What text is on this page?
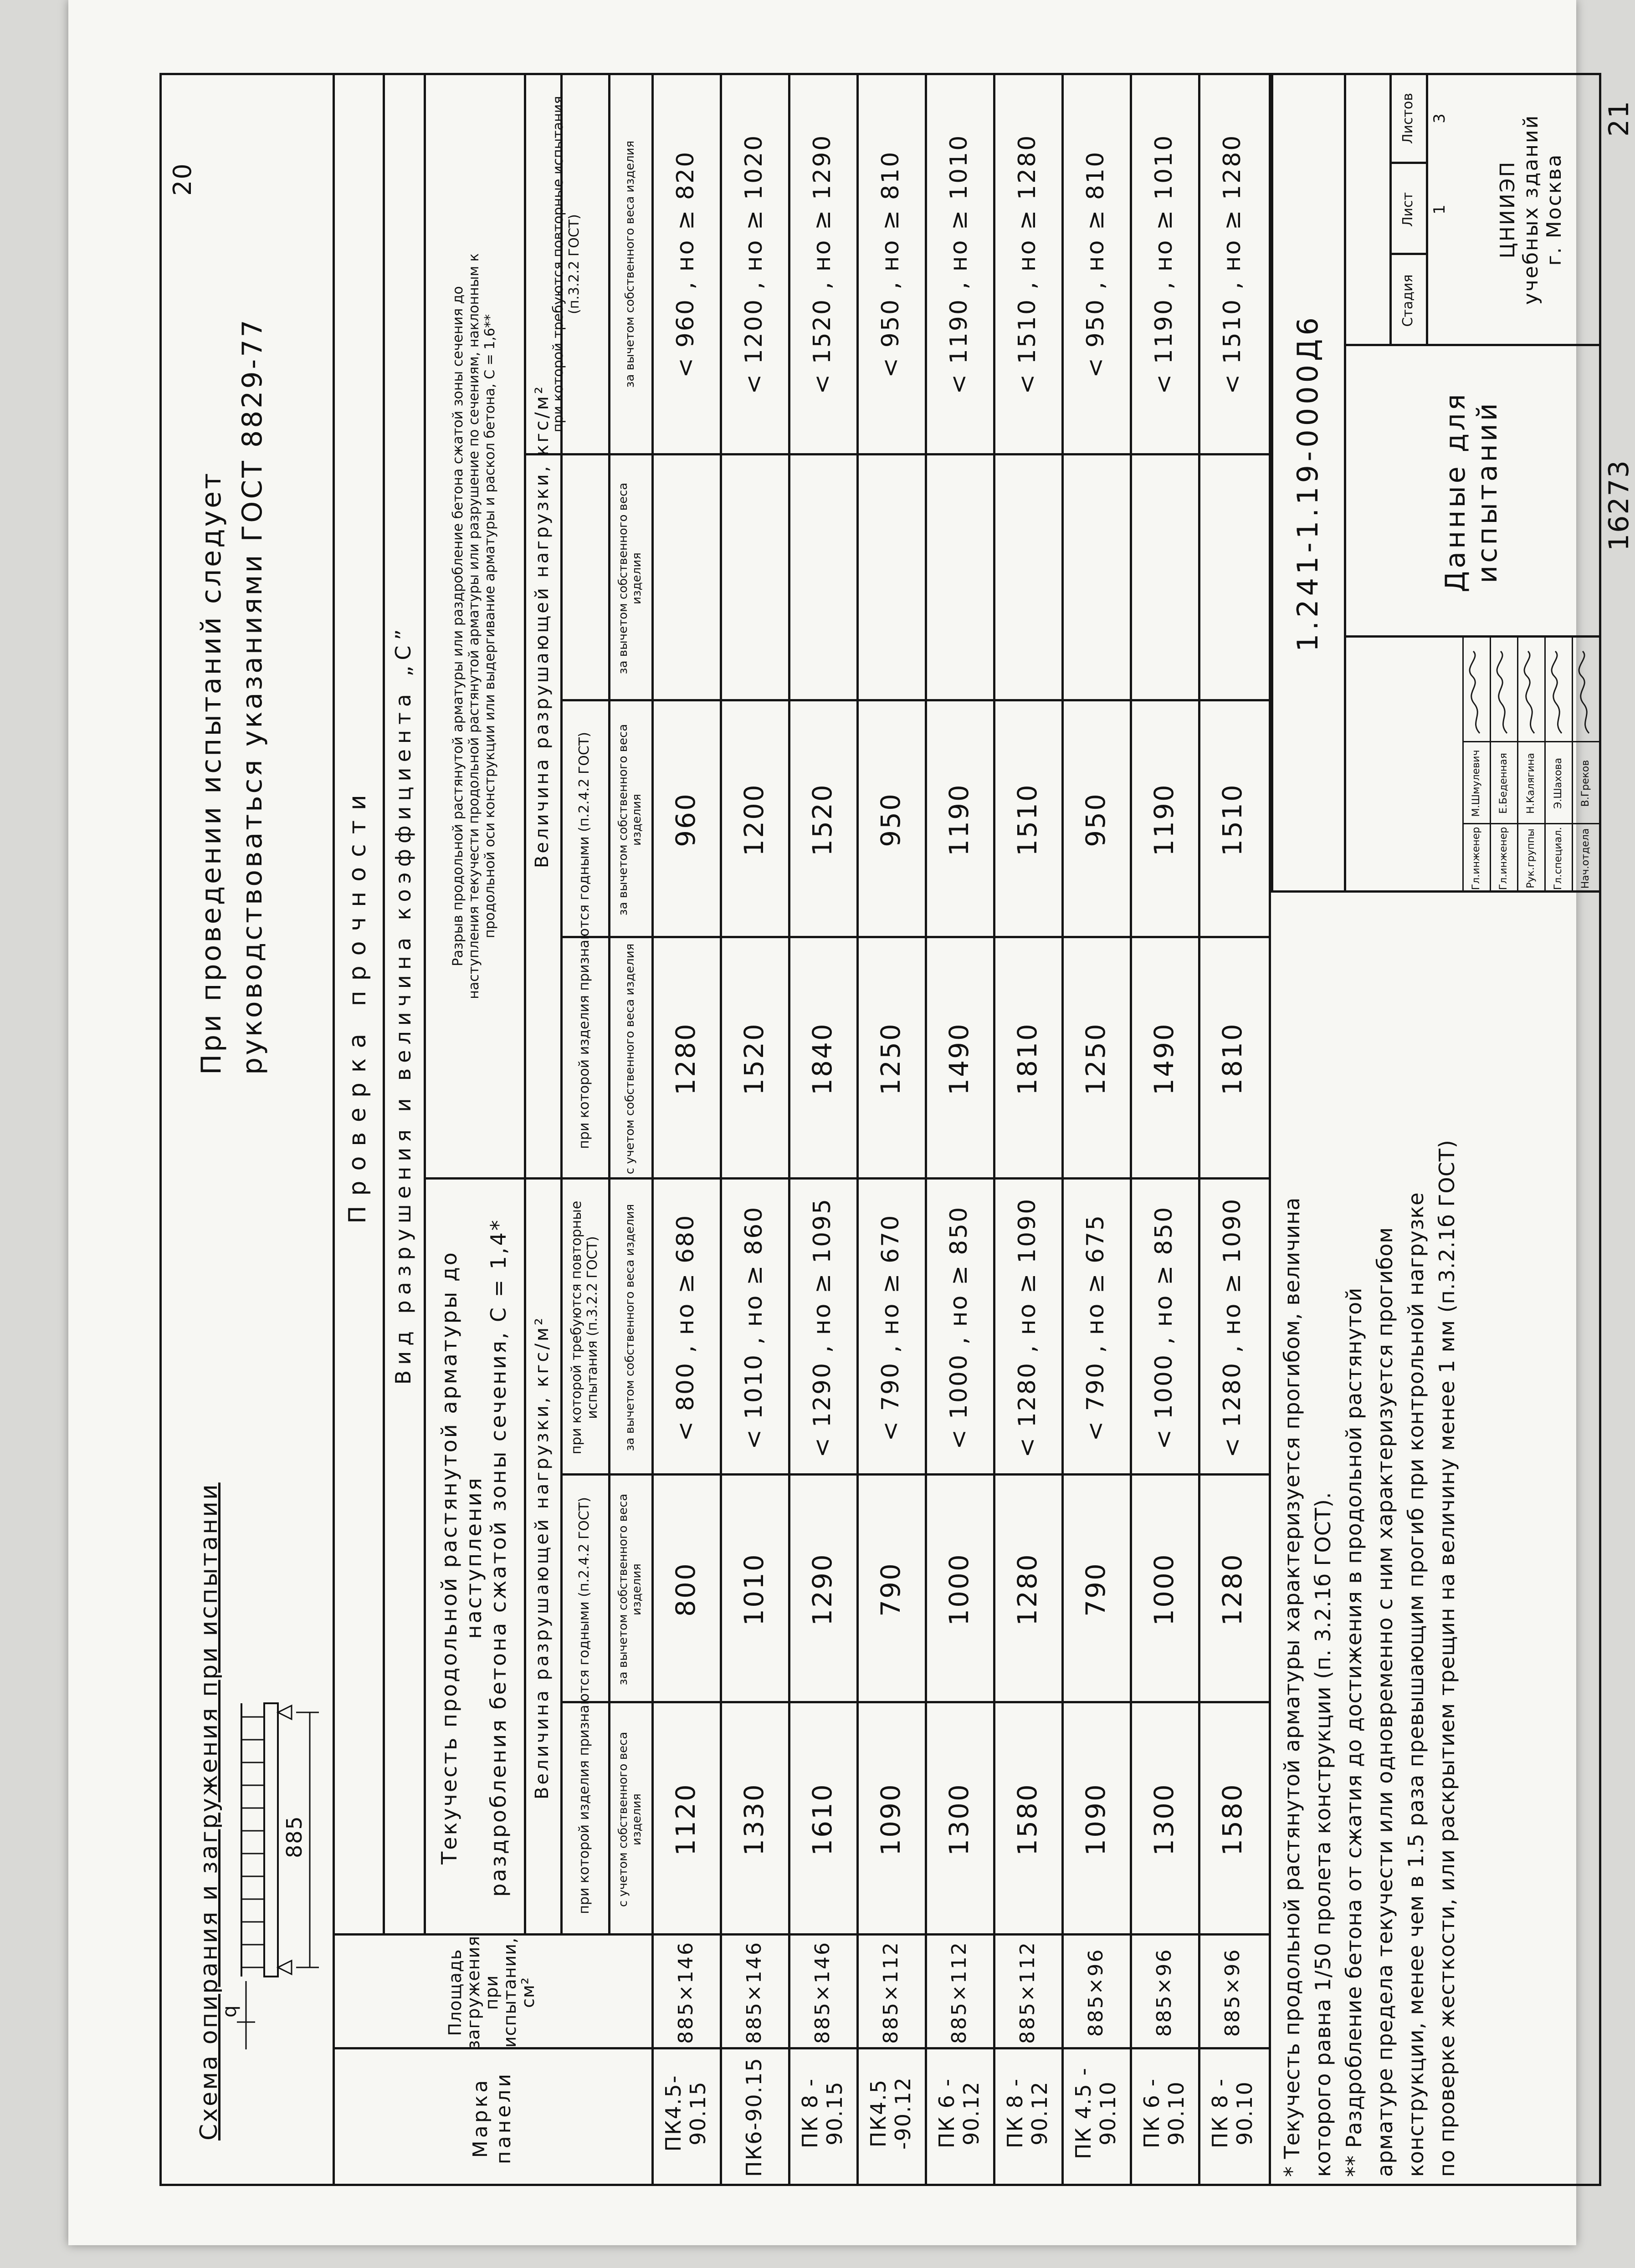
20
При проведении испытаний следует руководствоваться указаниями ГОСТ 8829-77
Схема опирания и загружения при испытании
q
885
Марка панели
Площадь
загружения
при
испытании,
см²
Проверка прочности Вид разрушения и величина коэффициента „С”
Текучесть продольной растянутой арматуры до наступления раздробления бетона сжатой зоны сечения, С = 1,4*
Разрыв продольной растянутой арматуры или раздробление бетона сжатой зоны сечения до наступления текучести продольной растянутой арматуры или разрушение по сечениям, наклонным к продольной оси конструкции или выдергивание арматуры и раскол бетона, С = 1,6**
Величина разрушающей нагрузки, кгс/м²
Величина разрушающей нагрузки, кгс/м²
при которой изделия признаются годными (п.2.4.2 ГОСТ)
при которой требуются повторные испытания (п.3.2.2 ГОСТ)
при которой изделия признаются годными (п.2.4.2 ГОСТ)
при которой требуются повторные испытания (п.3.2.2 ГОСТ)
с учетом собственного веса изделия
за вычетом собственного веса изделия
за вычетом собственного веса изделия
с учетом собственного веса изделия
за вычетом собственного веса изделия
за вычетом собственного веса изделия
за вычетом собственного веса изделия
ПК4.5-90.15
885×146
1120
800
< 800 , но ≥ 680
1280
960
< 960 , но ≥ 820
ПК6-90.15
885×146
1330
1010
< 1010 , но ≥ 860
1520
1200
< 1200 , но ≥ 1020
ПК 8 - 90.15
885×146
1610
1290
< 1290 , но ≥ 1095
1840
1520
< 1520 , но ≥ 1290
ПК4.5 -90.12
885×112
1090
790
< 790 , но ≥ 670
1250
950
< 950 , но ≥ 810
ПК 6 - 90.12
885×112
1300
1000
< 1000 , но ≥ 850
1490
1190
< 1190 , но ≥ 1010
ПК 8 - 90.12
885×112
1580
1280
< 1280 , но ≥ 1090
1810
1510
< 1510 , но ≥ 1280
ПК 4.5 - 90.10
885×96
1090
790
< 790 , но ≥ 675
1250
950
< 950 , но ≥ 810
ПК 6 - 90.10
885×96
1300
1000
< 1000 , но ≥ 850
1490
1190
< 1190 , но ≥ 1010
ПК 8 - 90.10
885×96
1580
1280
< 1280 , но ≥ 1090
1810
1510
< 1510 , но ≥ 1280
* Текучесть продольной растянутой арматуры характеризуется прогибом, величина которого равна 1/50 пролета конструкции (п. 3.2.1б ГОСТ). ** Раздробление бетона от сжатия до достижения в продольной растянутой арматуре предела текучести или одновременно с ним характеризуется прогибом конструкции, менее чем в 1.5 раза превышающим прогиб при контрольной нагрузке по проверке жесткости, или раскрытием трещин на величину менее 1 мм (п.3.2.1б ГОСТ)
1.241-1.19-0000Д6	Данные для испытаний
Стадия
Лист
Листов
1
3
ЦНИИЭП учебных зданий г. Москва
Гл.инженер
М.Шмулевич
Гл.инженер
Е.Беденная
Рук.группы
Н.Калягина
Гл.специал.
Э.Шахова
Нач.отдела
В.Греков
16273
21
